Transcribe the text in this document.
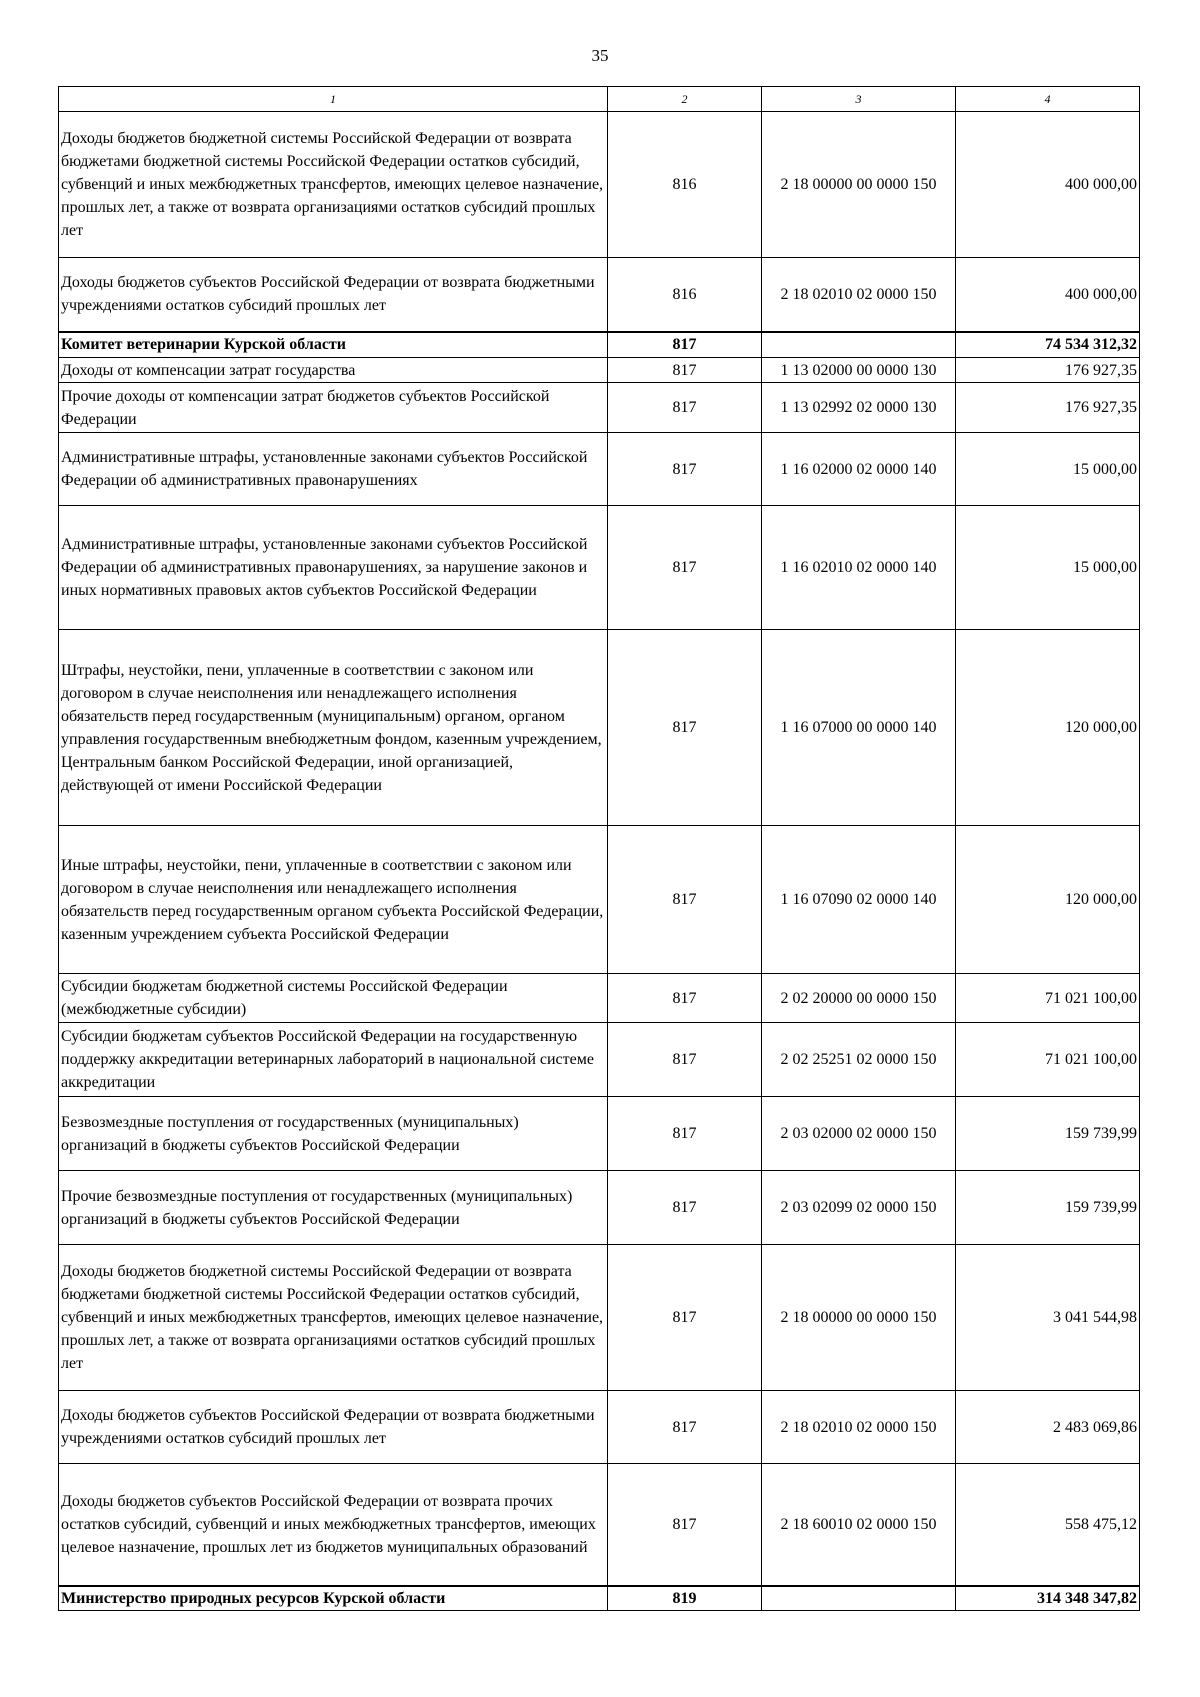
35
1	2	3	4
Доходы бюджетов бюджетной системы Российской Федерации от возврата бюджетами бюджетной системы Российской Федерации остатков субсидий, субвенций и иных межбюджетных трансфертов, имеющих целевое назначение, прошлых лет, а также от возврата организациями остатков субсидий прошлых лет	816	2 18 00000 00 0000 150	400 000,00
Доходы бюджетов субъектов Российской Федерации от возврата бюджетными учреждениями остатков субсидий прошлых лет	816	2 18 02010 02 0000 150	400 000,00
Комитет ветеринарии Курской области	817		74 534 312,32
Доходы от компенсации затрат государства	817	1 13 02000 00 0000 130	176 927,35
Прочие доходы от компенсации затрат бюджетов субъектов Российской Федерации	817	1 13 02992 02 0000 130	176 927,35
Административные штрафы, установленные законами субъектов Российской Федерации об административных правонарушениях	817	1 16 02000 02 0000 140	15 000,00
Административные штрафы, установленные законами субъектов Российской Федерации об административных правонарушениях, за нарушение законов и иных нормативных правовых актов субъектов Российской Федерации	817	1 16 02010 02 0000 140	15 000,00
Штрафы, неустойки, пени, уплаченные в соответствии с законом или договором в случае неисполнения или ненадлежащего исполнения обязательств перед государственным (муниципальным) органом, органом управления государственным внебюджетным фондом, казенным учреждением, Центральным банком Российской Федерации, иной организацией, действующей от имени Российской Федерации	817	1 16 07000 00 0000 140	120 000,00
Иные штрафы, неустойки, пени, уплаченные в соответствии с законом или договором в случае неисполнения или ненадлежащего исполнения обязательств перед государственным органом субъекта Российской Федерации, казенным учреждением субъекта Российской Федерации	817	1 16 07090 02 0000 140	120 000,00
Субсидии бюджетам бюджетной системы Российской Федерации (межбюджетные субсидии)	817	2 02 20000 00 0000 150	71 021 100,00
Субсидии бюджетам субъектов Российской Федерации на государственную поддержку аккредитации ветеринарных лабораторий в национальной системе аккредитации	817	2 02 25251 02 0000 150	71 021 100,00
Безвозмездные поступления от государственных (муниципальных) организаций в бюджеты субъектов Российской Федерации	817	2 03 02000 02 0000 150	159 739,99
Прочие безвозмездные поступления от государственных (муниципальных) организаций в бюджеты субъектов Российской Федерации	817	2 03 02099 02 0000 150	159 739,99
Доходы бюджетов бюджетной системы Российской Федерации от возврата бюджетами бюджетной системы Российской Федерации остатков субсидий, субвенций и иных межбюджетных трансфертов, имеющих целевое назначение, прошлых лет, а также от возврата организациями остатков субсидий прошлых лет	817	2 18 00000 00 0000 150	3 041 544,98
Доходы бюджетов субъектов Российской Федерации от возврата бюджетными учреждениями остатков субсидий прошлых лет	817	2 18 02010 02 0000 150	2 483 069,86
Доходы бюджетов субъектов Российской Федерации от возврата прочих остатков субсидий, субвенций и иных межбюджетных трансфертов, имеющих целевое назначение, прошлых лет из бюджетов муниципальных образований	817	2 18 60010 02 0000 150	558 475,12
Министерство природных ресурсов Курской области	819		314 348 347,82
